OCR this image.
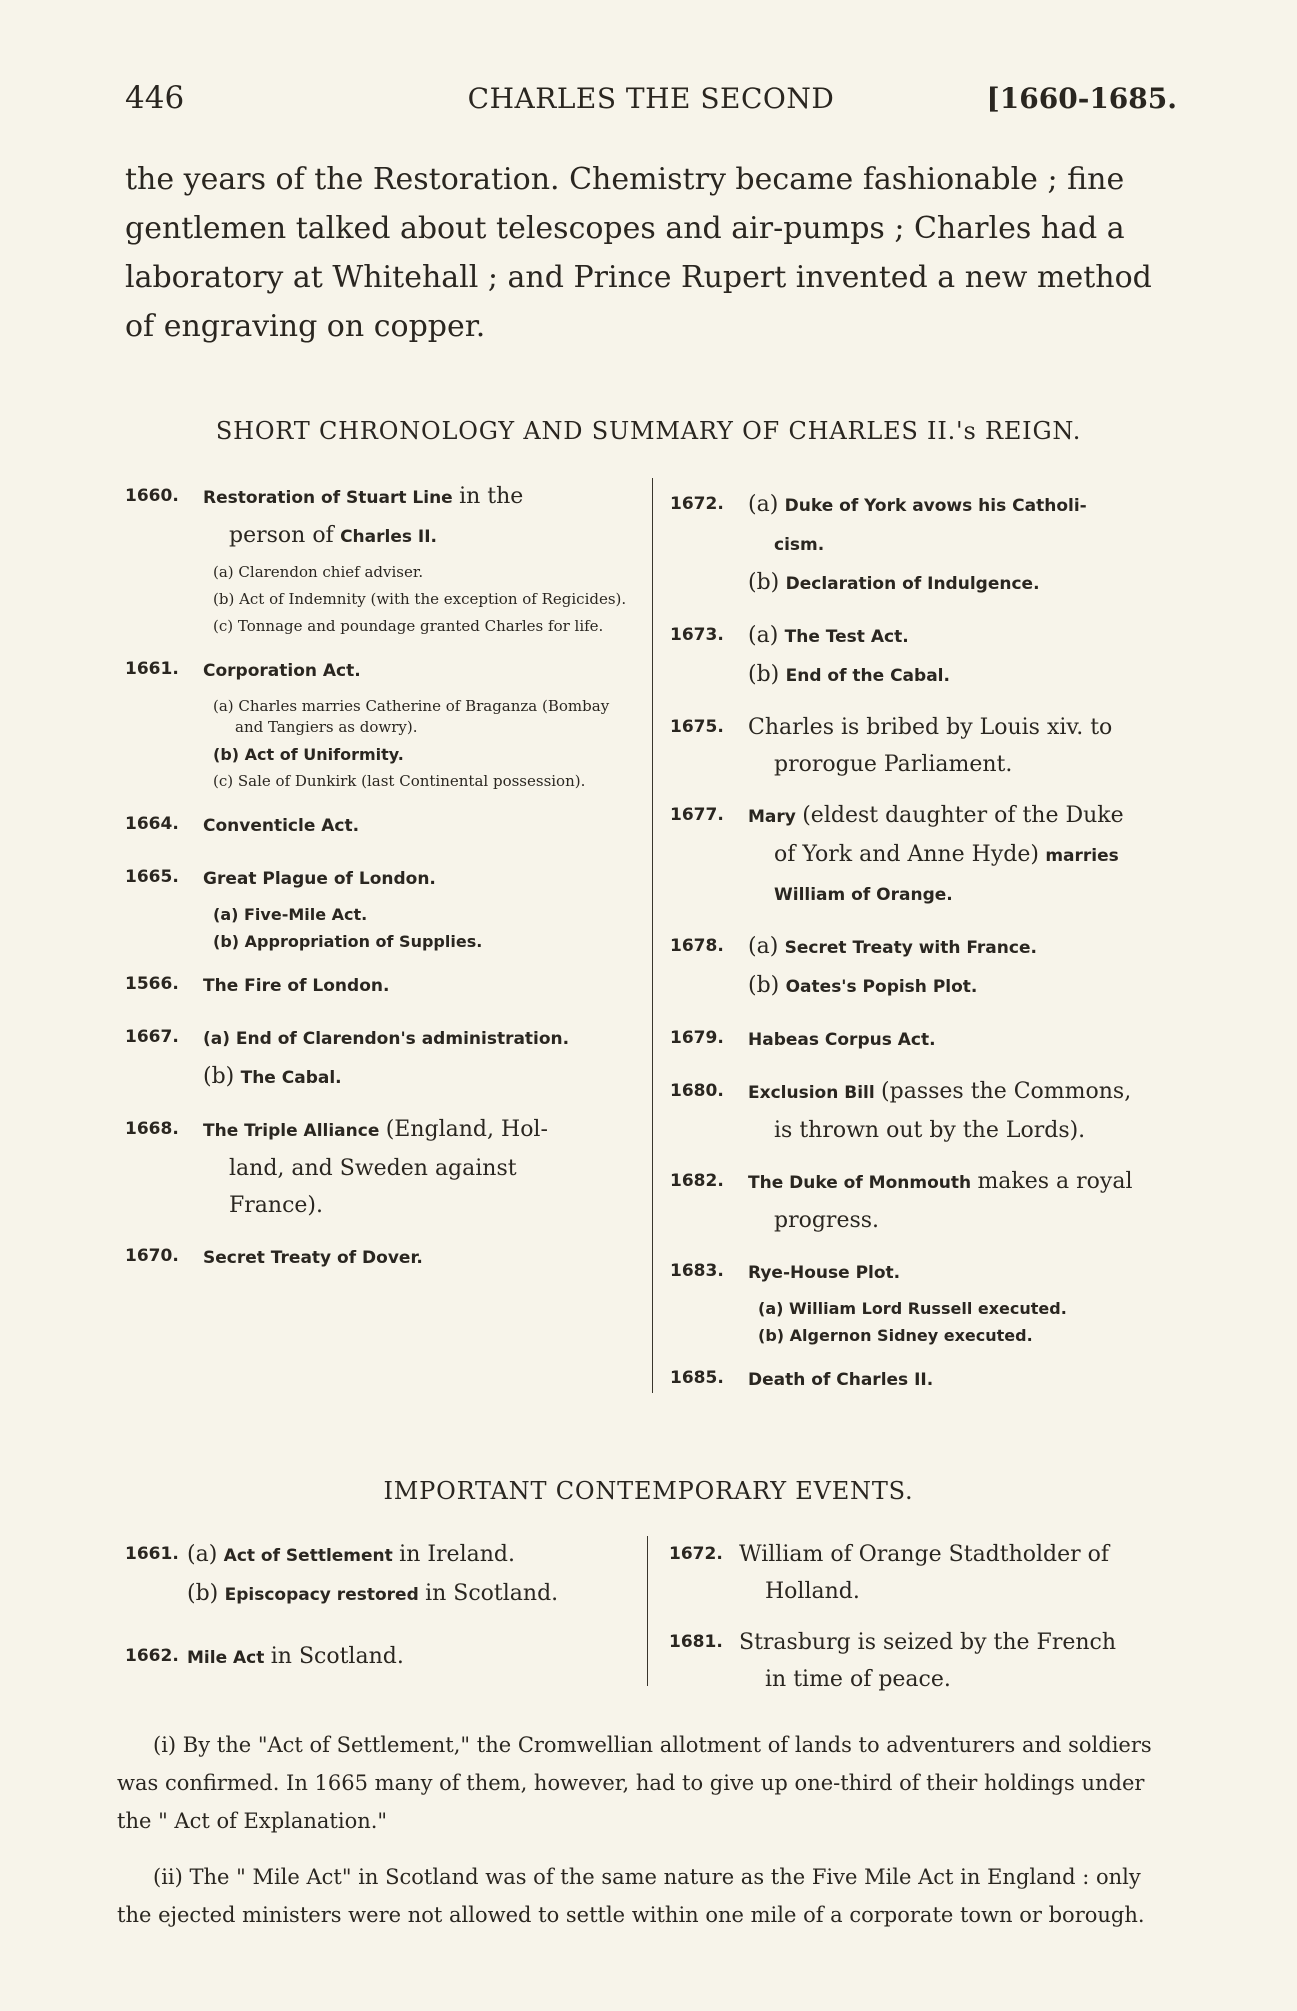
446	CHARLES THE SECOND	[1660-1685.

the years of the Restoration. Chemistry became fashionable ; fine gentlemen talked about telescopes and air-pumps ; Charles had a laboratory at Whitehall ; and Prince Rupert invented a new method of engraving on copper.

SHORT CHRONOLOGY AND SUMMARY OF CHARLES II.'s REIGN.
1660. Restoration of Stuart Line in the
person of Charles II.
(a) Clarendon chief adviser.
(b) Act of Indemnity (with the exception of Regicides).
(c) Tonnage and poundage granted Charles for life.
1661. Corporation Act.
(a) Charles marries Catherine of Braganza (Bombay and Tangiers as dowry).
(b) Act of Uniformity.
(c) Sale of Dunkirk (last Continental possession).
1664. Conventicle Act.
1665. Great Plague of London.
(a) Five-Mile Act.
(b) Appropriation of Supplies.
1566. The Fire of London.
1667. (a) End of Clarendon's administration.
(b) The Cabal.
1668. The Triple Alliance (England, Hol-
land, and Sweden against
France).
1670. Secret Treaty of Dover.
1672. (a) Duke of York avows his Catholi-
cism.
(b) Declaration of Indulgence.
1673. (a) The Test Act.
(b) End of the Cabal.
1675. Charles is bribed by Louis xiv. to
prorogue Parliament.
1677. Mary (eldest daughter of the Duke
of York and Anne Hyde) marries
William of Orange.
1678. (a) Secret Treaty with France.
(b) Oates's Popish Plot.
1679. Habeas Corpus Act.
1680. Exclusion Bill (passes the Commons,
is thrown out by the Lords).
1682. The Duke of Monmouth makes a royal
progress.
1683. Rye-House Plot.
(a) William Lord Russell executed.
(b) Algernon Sidney executed.
1685. Death of Charles II.
IMPORTANT CONTEMPORARY EVENTS.
1661. (a) Act of Settlement in Ireland.
(b) Episcopacy restored in Scotland.
1662. Mile Act in Scotland.
1672. William of Orange Stadtholder of
Holland.
1681. Strasburg is seized by the French
in time of peace.

(i) By the "Act of Settlement," the Cromwellian allotment of lands to adventurers and soldiers was confirmed. In 1665 many of them, however, had to give up one-third of their holdings under the " Act of Explanation."

(ii) The " Mile Act" in Scotland was of the same nature as the Five Mile Act in England : only the ejected ministers were not allowed to settle within one mile of a corporate town or borough.
